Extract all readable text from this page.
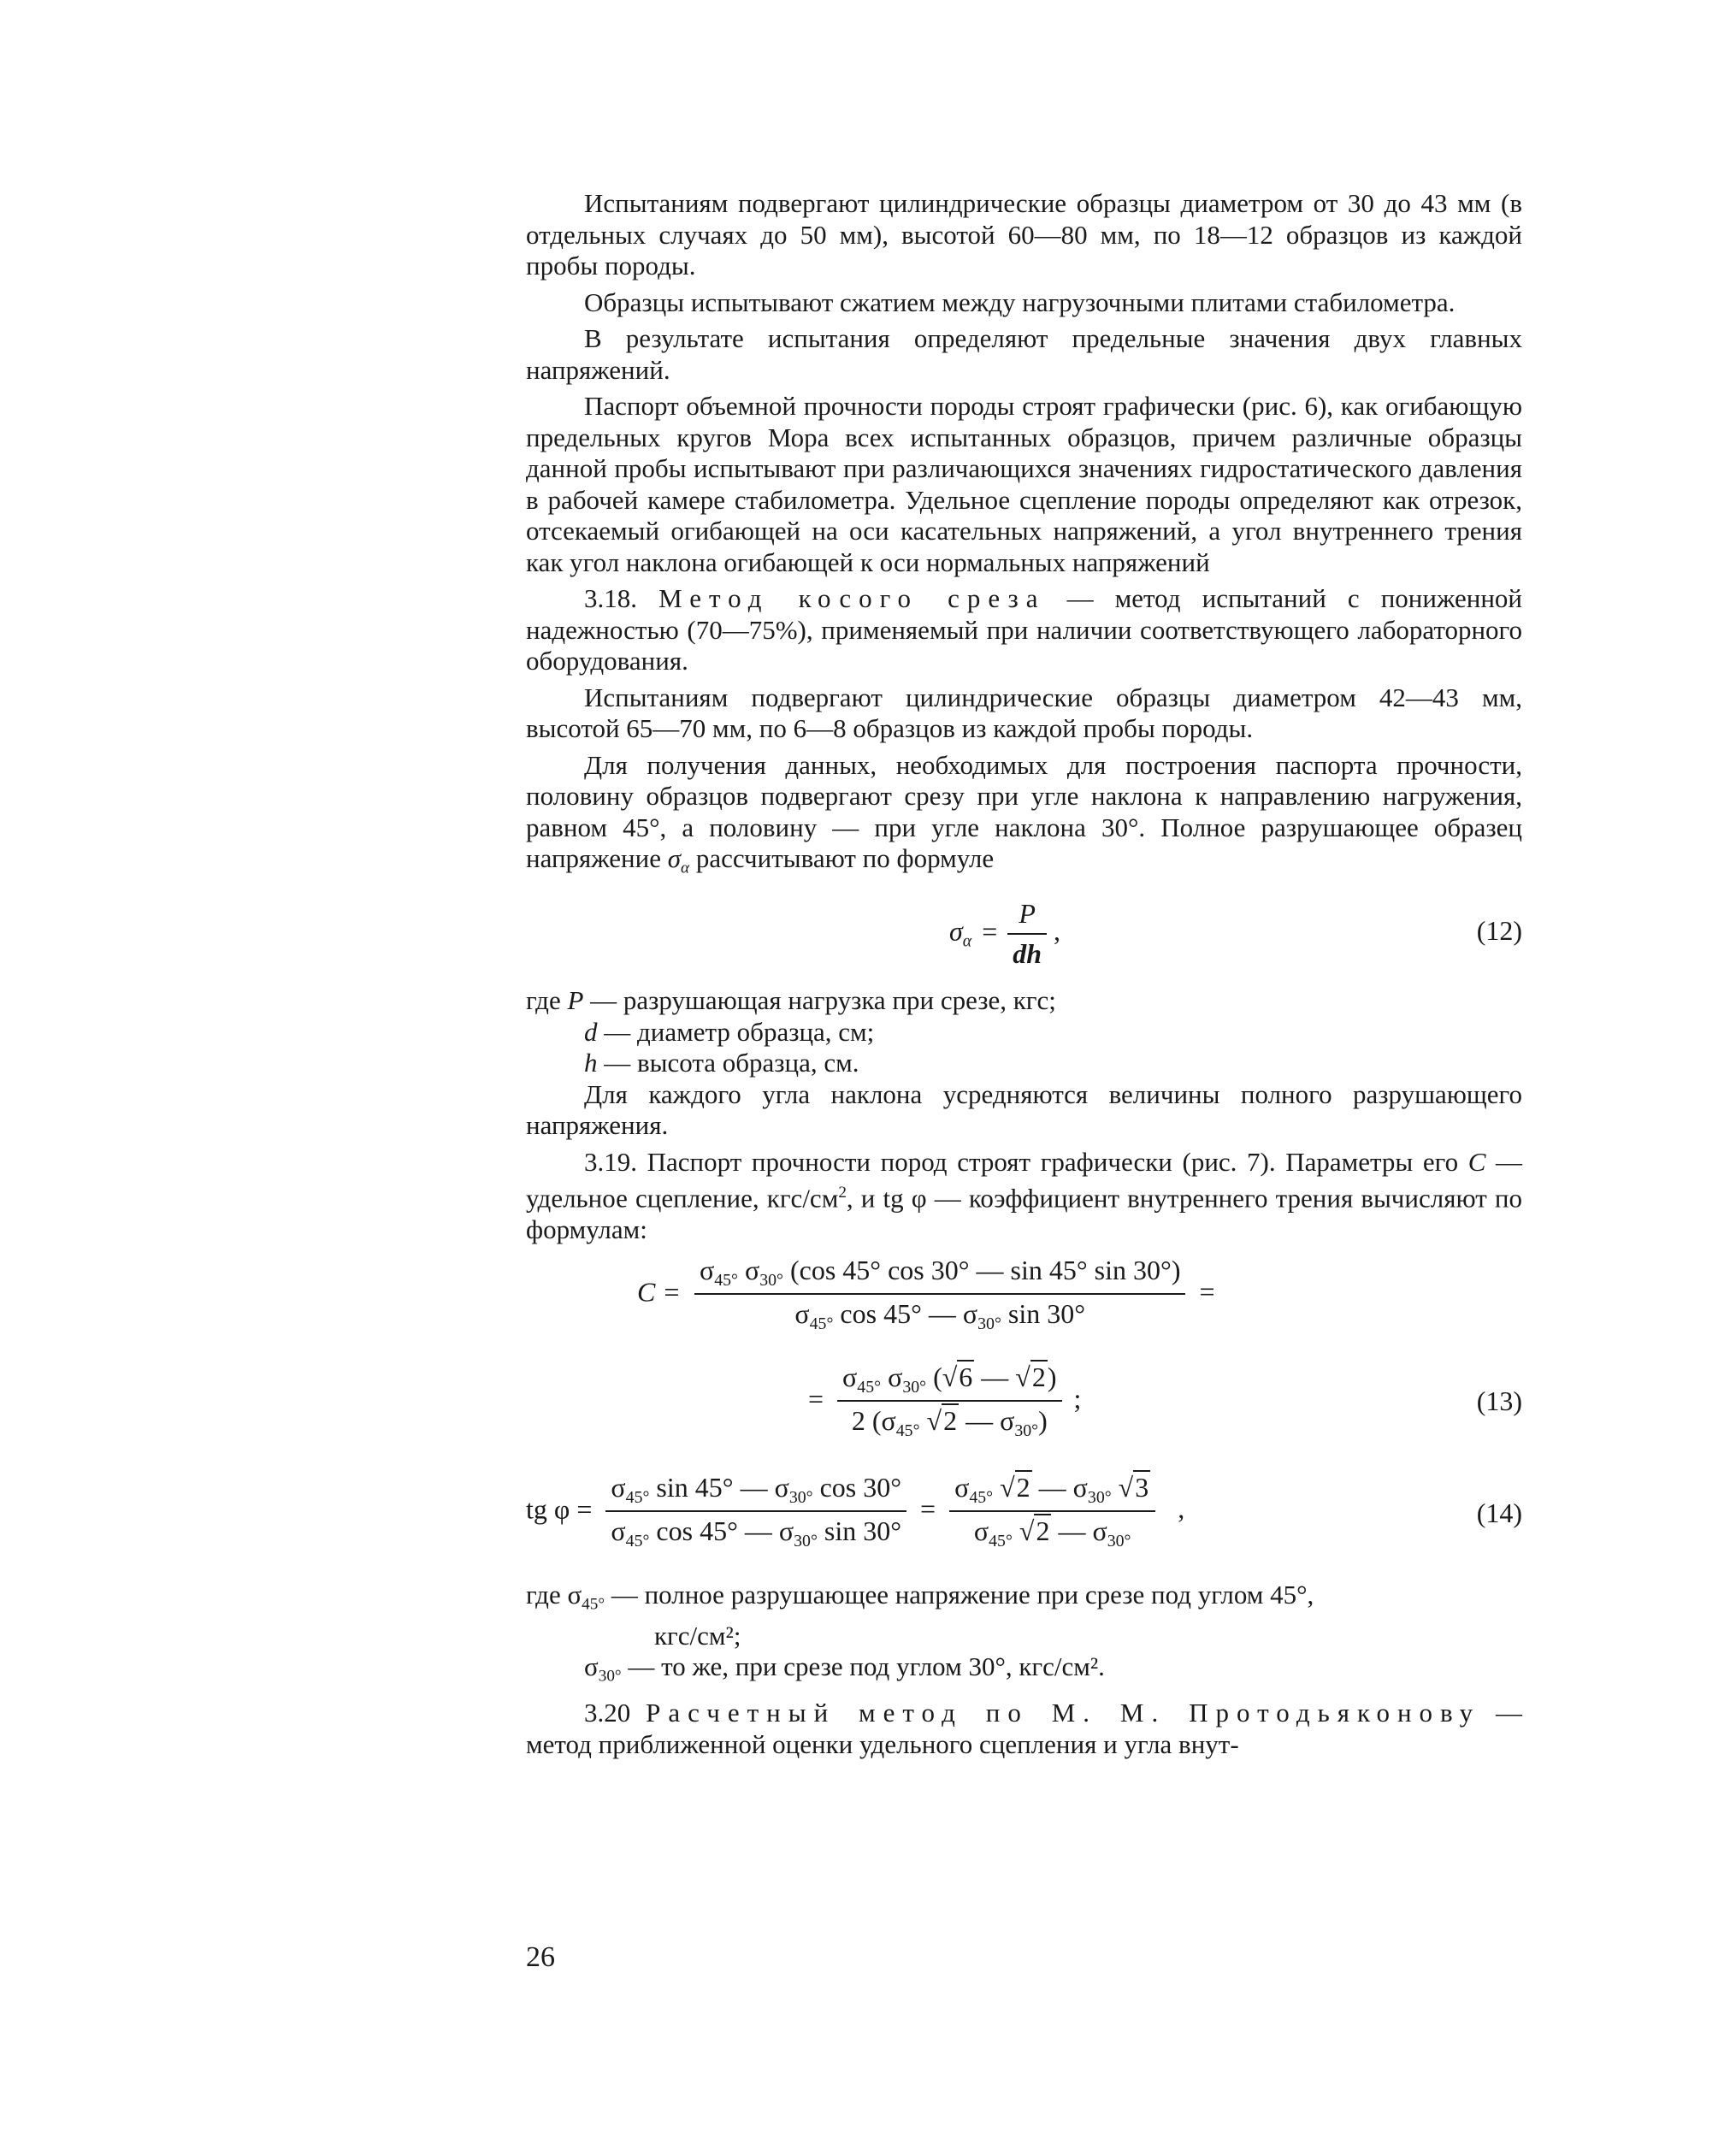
Испытаниям подвергают цилиндрические образцы диаметром от 30 до 43 мм (в отдельных случаях до 50 мм), высотой 60—80 мм, по 18—12 образцов из каждой пробы породы.

Образцы испытывают сжатием между нагрузочными плитами стабилометра.

В результате испытания определяют предельные значения двух главных напряжений.

Паспорт объемной прочности породы строят графически (рис. 6), как огибающую предельных кругов Мора всех испытанных образцов, причем различные образцы данной пробы испытывают при различающихся значениях гидростатического давления в рабочей камере стабилометра. Удельное сцепление породы определяют как отрезок, отсекаемый огибающей на оси касательных напряжений, а угол внутреннего трения как угол наклона огибающей к оси нормальных напряжений

3.18. Метод косого среза — метод испытаний с пониженной надежностью (70—75%), применяемый при наличии соответствующего лабораторного оборудования.

Испытаниям подвергают цилиндрические образцы диаметром 42—43 мм, высотой 65—70 мм, по 6—8 образцов из каждой пробы породы.

Для получения данных, необходимых для построения паспорта прочности, половину образцов подвергают срезу при угле наклона к направлению нагружения, равном 45°, а половину — при угле наклона 30°. Полное разрушающее образец напряжение $\sigma_\alpha$ рассчитывают по формуле

$\sigma_\alpha = \frac{P}{dh}$ ,	(12)

где P — разрушающая нагрузка при срезе, кгс;

d — диаметр образца, см;

h — высота образца, см.

Для каждого угла наклона усредняются величины полного разрушающего напряжения.

3.19. Паспорт прочности пород строят графически (рис. 7). Параметры его C — удельное сцепление, кгс/$см^2$, и tg φ — коэффициент внутреннего трения вычисляют по формулам:

C =
$\sigma_{45^\circ}$ $\sigma_{30^\circ}$ (cos 45° cos 30° — sin 45° sin 30°)
$\sigma_{45^\circ}$ cos 45° — $\sigma_{30^\circ}$ sin 30°
=
= $\frac{\sigma_{45^\circ} \sigma_{30^\circ} (√6 — √2)}{2 (\sigma_{45^\circ} √2 — \sigma_{30^\circ})}$ ;	(13)
tg $\varphi = \frac{\sigma_{45^\circ} \sin 45^\circ — \sigma_{30^\circ} \cos 30^\circ}{\sigma_{45^\circ} \cos 45^\circ — \sigma_{30^\circ} \sin 30^\circ} = \frac{\sigma_{45^\circ} √2 — \sigma_{30^\circ} √3}{\sigma_{45^\circ} √2 — \sigma_{30^\circ}}$ ,	(14)

где $\sigma_{45^\circ}$ — полное разрушающее напряжение при срезе под углом 45°,

кгс/см²;

$\sigma_{30^\circ}$ — то же, при срезе под углом 30°, кгс/см².

3.20 Расчетный метод по М. М. Протодьяконову — метод приближенной оценки удельного сцепления и угла внут-

26
